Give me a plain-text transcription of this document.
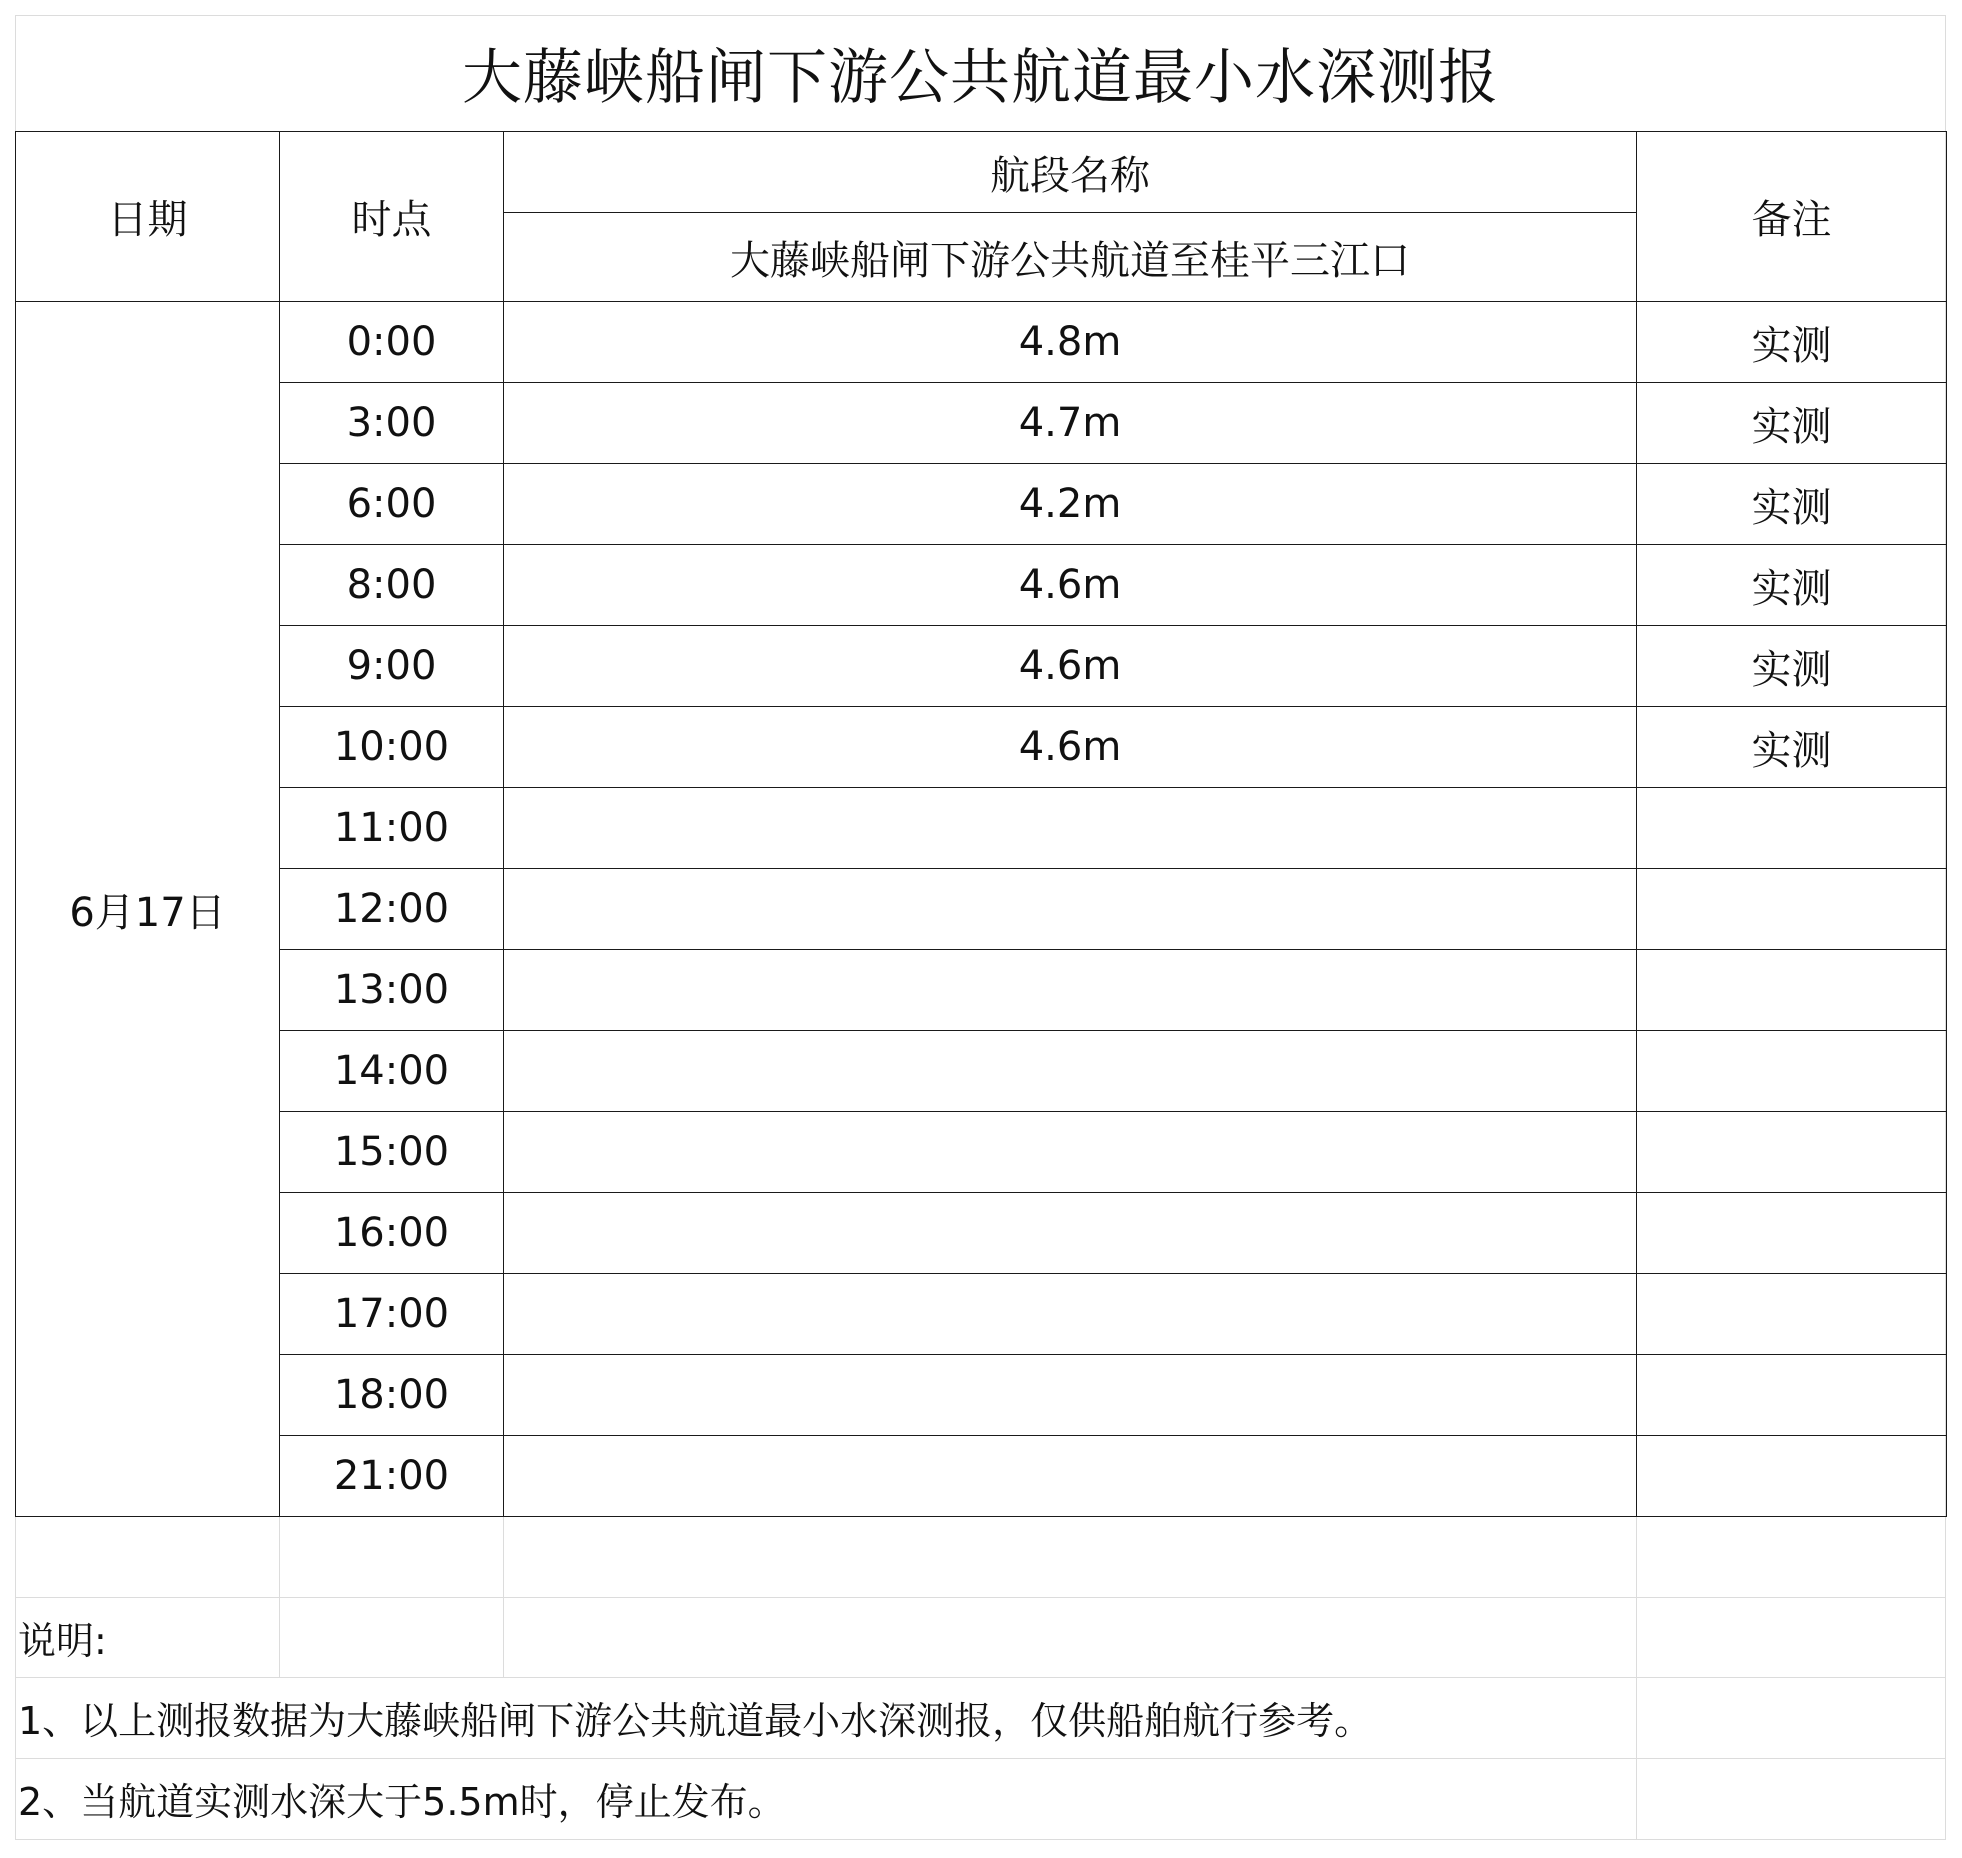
大藤峡船闸下游公共航道最小水深测报
日期	时点	航段名称	备注
		大藤峡船闸下游公共航道至桂平三江口	
6月17日	0:00	4.8m	实测
	3:00	4.7m	实测
	6:00	4.2m	实测
	8:00	4.6m	实测
	9:00	4.6m	实测
	10:00	4.6m	实测
	11:00		
	12:00		
	13:00		
	14:00		
	15:00		
	16:00		
	17:00		
	18:00		
	21:00		
说明:
1、以上测报数据为大藤峡船闸下游公共航道最小水深测报，仅供船舶航行参考。
2、当航道实测水深大于5.5m时，停止发布。
